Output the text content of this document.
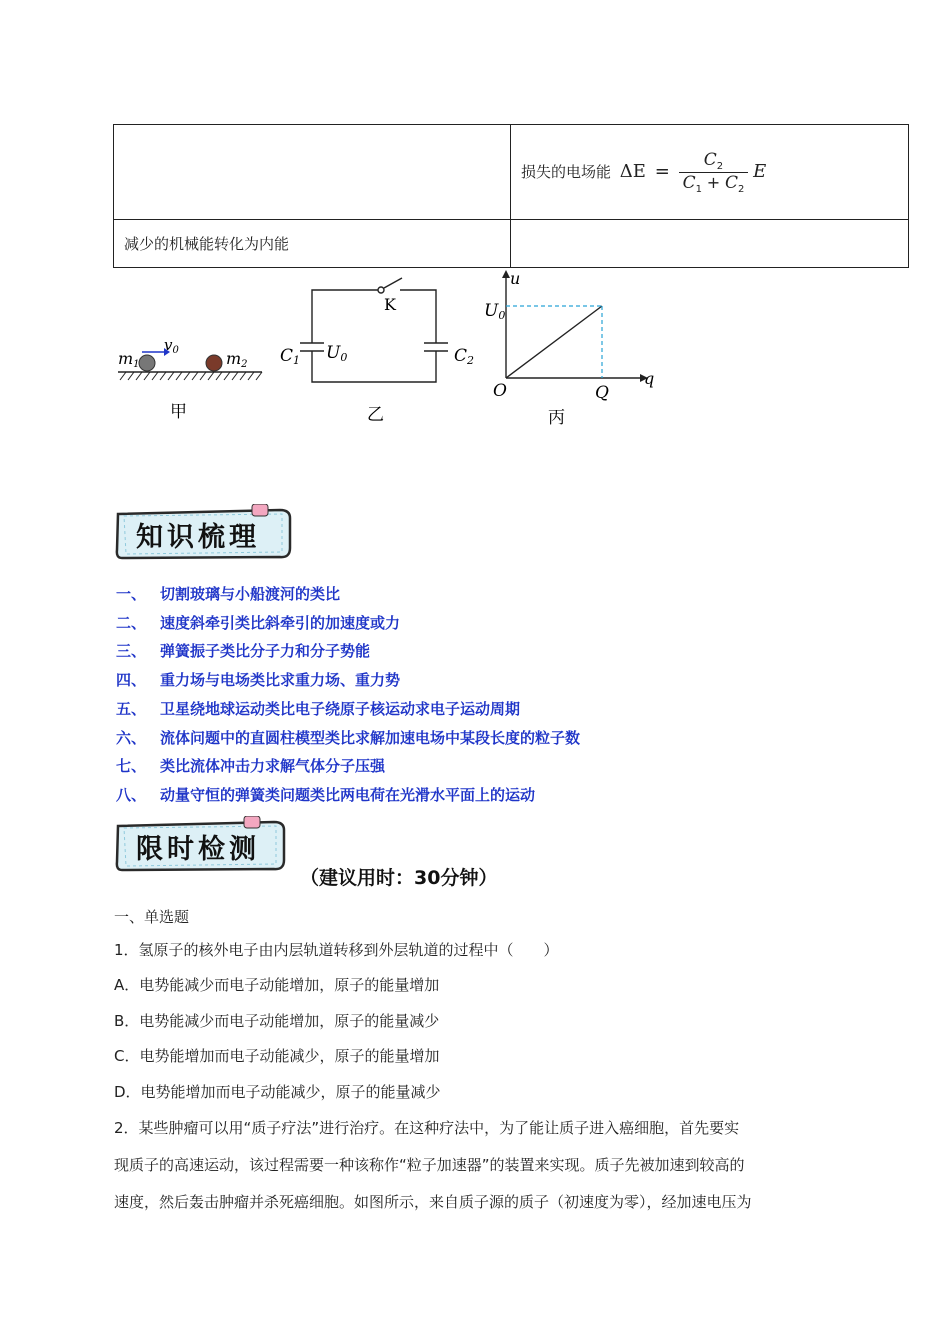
	损失的电场能 $\Delta E = \frac{C_2}{C_1 + C_2}$ E
减少的机械能转化为内能	
m1
$v_0$	m2
甲
K
C1 U0	C2
乙
u
U0
O	Q
q
丙
知识梳理
一、 切割玻璃与小船渡河的类比
二、 速度斜牵引类比斜牵引的加速度或力
三、 弹簧振子类比分子力和分子势能
四、 重力场与电场类比求重力场、重力势
五、 卫星绕地球运动类比电子绕原子核运动求电子运动周期
六、 流体问题中的直圆柱模型类比求解加速电场中某段长度的粒子数
七、 类比流体冲击力求解气体分子压强
八、 动量守恒的弹簧类问题类比两电荷在光滑水平面上的运动
限时检测
（建议用时：30分钟）
一、单选题
1．氢原子的核外电子由内层轨道转移到外层轨道的过程中（　　）
A．电势能减少而电子动能增加，原子的能量增加
B．电势能减少而电子动能增加，原子的能量减少
C．电势能增加而电子动能减少，原子的能量增加
D．电势能增加而电子动能减少，原子的能量减少
2．某些肿瘤可以用“质子疗法”进行治疗。在这种疗法中，为了能让质子进入癌细胞，首先要实
现质子的高速运动，该过程需要一种该称作“粒子加速器”的装置来实现。质子先被加速到较高的
速度，然后轰击肿瘤并杀死癌细胞。如图所示，来自质子源的质子（初速度为零），经加速电压为
